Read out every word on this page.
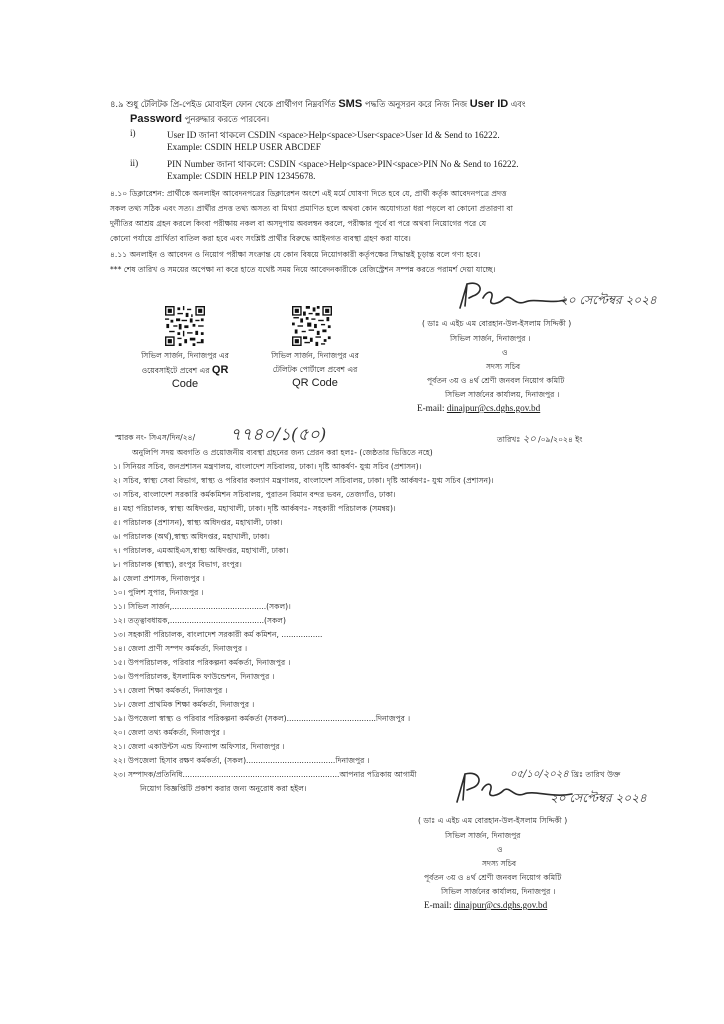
৪.৯ শুধু টেলিটক প্রি-পেইড মোবাইল ফোন থেকে প্রার্থীগণ নিম্নবর্ণিত SMS পদ্ধতি অনুসরন করে নিজ নিজ User ID এবং
Password পুনরুদ্ধার করতে পারবেন।
i)	User ID জানা থাকলে CSDIN <space>Help<space>User<space>User Id & Send to 16222.
Example: CSDIN HELP USER ABCDEF
ii)	PIN Number জানা থাকলে: CSDIN <space>Help<space>PIN<space>PIN No & Send to 16222.
Example: CSDIN HELP PIN 12345678.
৪.১০ ডিক্লারেশন: প্রার্থীকে অনলাইন আবেদনপত্রের ডিক্লারেশন অংশে এই মর্মে ঘোষণা দিতে হবে যে, প্রার্থী কর্তৃক আবেদনপত্রে প্রদত্ত
সকল তথ্য সঠিক এবং সত্য। প্রার্থীর প্রদত্ত তথ্য অসত্য বা মিথ্যা প্রমাণিত হলে অথবা কোন অযোগ্যতা ধরা পড়লে বা কোনো প্রতারণা বা
দুর্নীতির আশ্রয় গ্রহন করলে কিংবা পরীক্ষায় নকল বা অসদুপায় অবলম্বন করলে, পরীক্ষার পূর্বে বা পরে অথবা নিয়োগের পরে যে
কোনো পর্যায়ে প্রার্থিতা বাতিল করা হবে এবং সংশ্লিষ্ট প্রার্থীর বিরুদ্ধে আইনগত ব্যবস্থা গ্রহণ করা যাবে।
৪.১১ অনলাইন ও আবেদন ও নিয়োগ পরীক্ষা সংক্রান্ত যে কোন বিষয়ে নিয়োগকারী কর্তৃপক্ষের সিদ্ধান্তই চূড়ান্ত বলে গণ্য হবে।
*** শেষ তারিখ ও সময়ের অপেক্ষা না করে হাতে যথেষ্ট সময় নিয়ে আবেদনকারীকে রেজিস্ট্রেশন সম্পন্ন করতে পরামর্শ দেয়া যাচ্ছে।
২০ সেপ্টেম্বর ২০২৪
( ডাঃ এ এইচ এম বোরহান-উল-ইসলাম সিদ্দিকী )
সিভিল সার্জন, দিনাজপুর ।
ও
সদস্য সচিব
পূর্বতন ৩য় ও ৪র্থ শ্রেণী জনবল নিয়োগ কমিটি
সিভিল সার্জনের কার্যালয়, দিনাজপুর ।
E-mail: dinajpur@cs.dghs.gov.bd
সিভিল সার্জন, দিনাজপুর এর
ওয়েবসাইটে প্রবেশ এর QR
Code
সিভিল সার্জন, দিনাজপুর এর
টেলিটক পোর্টালে প্রবেশ এর
QR Code
স্মারক নং- সিএস/দিন/২৪/ ৭৭৪০/১(৫০)	তারিখঃ ২০ /০৯/২০২৪ ইং
অনুলিপি সদয় অবগতি ও প্রয়োজনীয় ব্যবস্থা গ্রহনের জন্য প্রেরন করা হলঃ- (জেষ্ঠতার ভিত্তিতে নহে)
১। সিনিয়র সচিব, জনপ্রশাসন মন্ত্রণালয়, বাংলাদেশ সচিবালয়, ঢাকা। দৃষ্টি আকর্ষণ- যুগ্ম সচিব (প্রশাসন)।
২। সচিব, স্বাস্থ্য সেবা বিভাগ, স্বাস্থ্য ও পরিবার কল্যাণ মন্ত্রণালয়, বাংলাদেশ সচিবালয়, ঢাকা। দৃষ্টি আর্কষণঃ- যুগ্ম সচিব (প্রশাসন)।
৩। সচিব, বাংলাদেশ সরকারি কর্মকমিশন সচিবালয়, পুরাতন বিমান বন্দর ভবন, তেজগাঁও, ঢাকা।
৪। মহা পরিচালক, স্বাস্থ্য অধিদপ্তর, মহাখালী, ঢাকা। দৃষ্টি আর্কষণঃ- সহকারী পরিচালক (সমন্বয়)।
৫। পরিচালক (প্রশাসন), স্বাস্থ্য অধিদপ্তর, মহাখালী, ঢাকা।
৬। পরিচালক (অর্থ),স্বাস্থ্য অধিদপ্তর, মহাখালী, ঢাকা।
৭। পরিচালক, এমআইএস,স্বাস্থ্য অধিদপ্তর, মহাখালী, ঢাকা।
৮। পরিচালক (স্বাস্থ্য), রংপুর বিভাগ, রংপুর।
৯। জেলা প্রশাসক, দিনাজপুর ।
১০। পুলিশ সুপার, দিনাজপুর ।
১১। সিভিল সার্জন,.......................................(সকল)।
১২। তত্ত্বাবধায়ক,.......................................(সকল)
১৩। সহকারী পরিচালক, বাংলাদেশ সরকারী কর্ম কমিশন, .................
১৪। জেলা প্রাণী সম্পদ কর্মকর্তা, দিনাজপুর ।
১৫। উপপরিচালক, পরিবার পরিকল্পনা কর্মকর্তা, দিনাজপুর ।
১৬। উপপরিচালক, ইসলামিক ফাউন্ডেশন, দিনাজপুর ।
১৭। জেলা শিক্ষা কর্মকর্তা, দিনাজপুর ।
১৮। জেলা প্রাথমিক শিক্ষা কর্মকর্তা, দিনাজপুর ।
১৯। উপজেলা স্বাস্থ্য ও পরিবার পরিকল্পনা কর্মকর্তা (সকল).....................................দিনাজপুর ।
২০। জেলা তথ্য কর্মকর্তা, দিনাজপুর ।
২১। জেলা একাউন্টস এন্ড ফিন্যান্স অফিসার, দিনাজপুর ।
২২। উপজেলা হিসাব রক্ষণ কর্মকর্তা, (সকল).....................................দিনাজপুর ।
২৩। সম্পাদক/প্রতিনিধি.................................................................আপনার পত্রিকায় আগামী	০৫/১০/২০২৪ খ্রিঃ তারিখ উক্ত
নিয়োগ বিজ্ঞপ্তিটি প্রকাশ করার জন্য অনুরোধ করা হইল।
২০ সেপ্টেম্বর ২০২৪
( ডাঃ এ এইচ এম বোরহান-উল-ইসলাম সিদ্দিকী )
সিভিল সার্জন, দিনাজপুর
ও
সদস্য সচিব
পূর্বতন ৩য় ও ৪র্থ শ্রেণী জনবল নিয়োগ কমিটি
সিভিল সার্জনের কার্যালয়, দিনাজপুর ।
E-mail: dinajpur@cs.dghs.gov.bd
